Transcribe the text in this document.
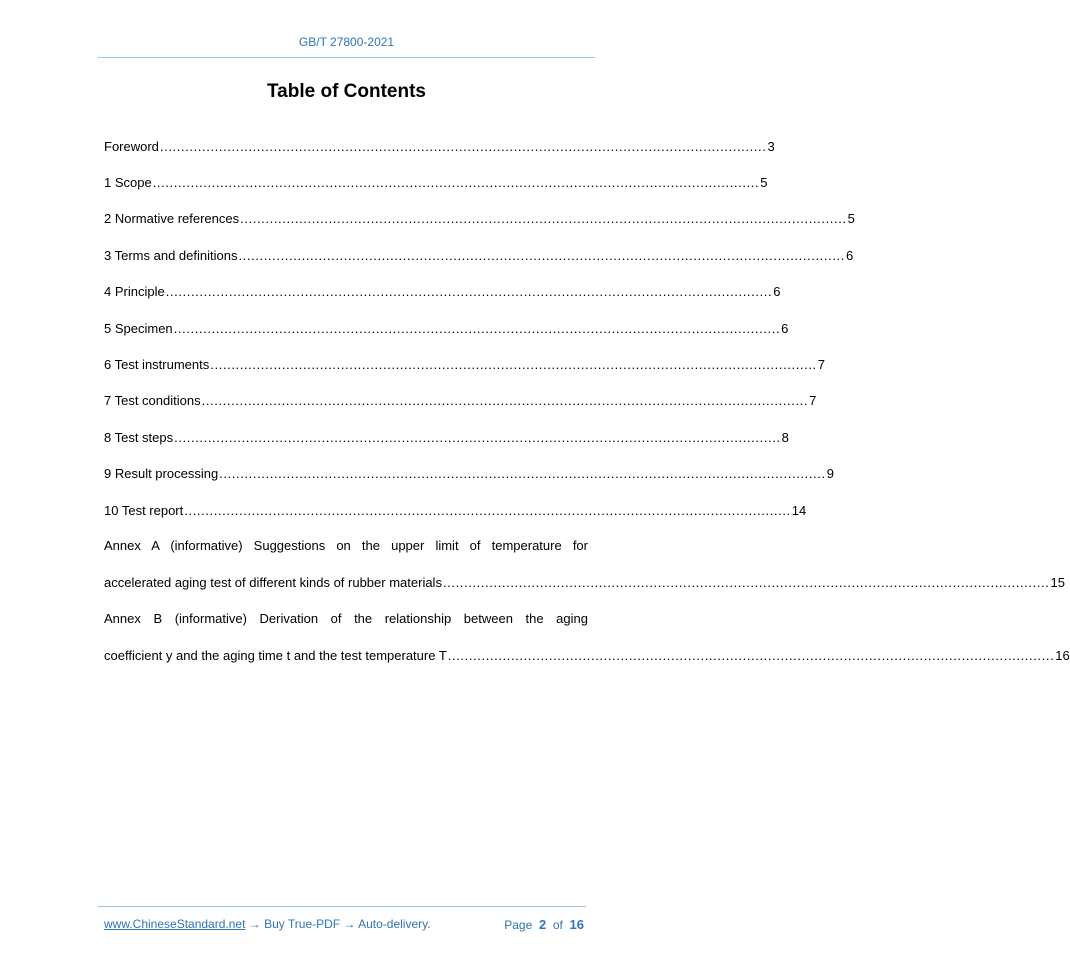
GB/T 27800-2021
Table of Contents
Foreword ................................................................................................................................................ 3
1 Scope ................................................................................................................................................ 5
2 Normative references ................................................................................................................................................ 5
3 Terms and definitions ................................................................................................................................................ 6
4 Principle ................................................................................................................................................ 6
5 Specimen ................................................................................................................................................ 6
6 Test instruments ................................................................................................................................................ 7
7 Test conditions ................................................................................................................................................ 7
8 Test steps ................................................................................................................................................ 8
9 Result processing ................................................................................................................................................ 9
10 Test report ................................................................................................................................................ 14
Annex A (informative) Suggestions on the upper limit of temperature for
accelerated aging test of different kinds of rubber materials ................................................................................................................................................ 15
Annex B (informative) Derivation of the relationship between the aging
coefficient y and the aging time t and the test temperature T ................................................................................................................................................ 16
www.ChineseStandard.net → Buy True-PDF → Auto-delivery.	Page 2 of 16
